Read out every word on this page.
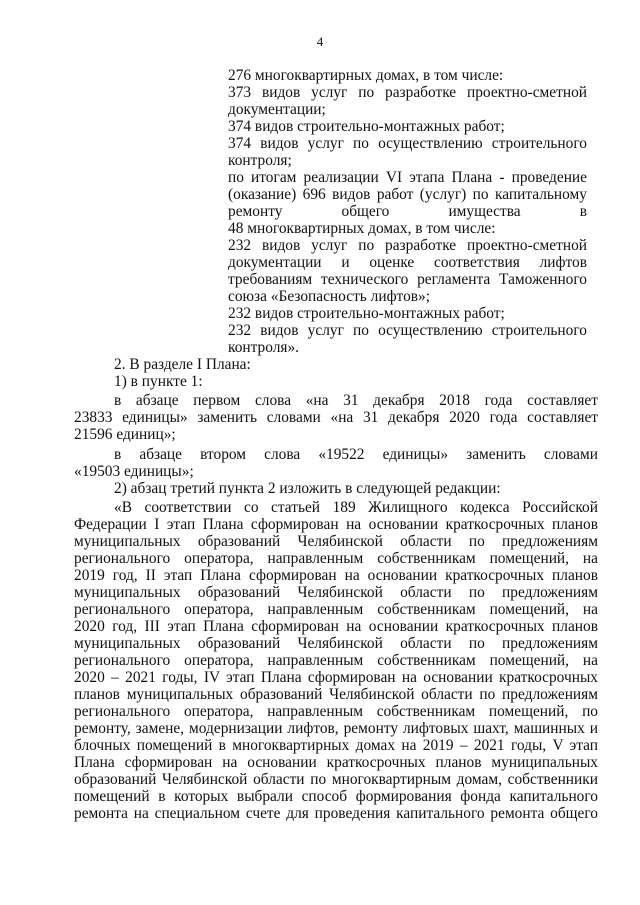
4
276 многоквартирных домах, в том числе:
373 видов услуг по разработке проектно-сметной
документации;
374 видов строительно-монтажных работ;
374 видов услуг по осуществлению строительного
контроля;
по итогам реализации VI этапа Плана - проведение
(оказание) 696 видов работ (услуг) по капитальному
ремонту общего имущества в
48 многоквартирных домах, в том числе:
232 видов услуг по разработке проектно-сметной
документации и оценке соответствия лифтов
требованиям технического регламента Таможенного
союза «Безопасность лифтов»;
232 видов строительно-монтажных работ;
232 видов услуг по осуществлению строительного
контроля».
2. В разделе I Плана:
1) в пункте 1:
в абзаце первом слова «на 31 декабря 2018 года составляет
23833 единицы» заменить словами «на 31 декабря 2020 года составляет
21596 единиц»;
в абзаце втором слова «19522 единицы» заменить словами
«19503 единицы»;
2) абзац третий пункта 2 изложить в следующей редакции:
«В соответствии со статьей 189 Жилищного кодекса Российской
Федерации I этап Плана сформирован на основании краткосрочных планов
муниципальных образований Челябинской области по предложениям
регионального оператора, направленным собственникам помещений, на
2019 год, II этап Плана сформирован на основании краткосрочных планов
муниципальных образований Челябинской области по предложениям
регионального оператора, направленным собственникам помещений, на
2020 год, III этап Плана сформирован на основании краткосрочных планов
муниципальных образований Челябинской области по предложениям
регионального оператора, направленным собственникам помещений, на
2020 – 2021 годы, IV этап Плана сформирован на основании краткосрочных
планов муниципальных образований Челябинской области по предложениям
регионального оператора, направленным собственникам помещений, по
ремонту, замене, модернизации лифтов, ремонту лифтовых шахт, машинных и
блочных помещений в многоквартирных домах на 2019 – 2021 годы, V этап
Плана сформирован на основании краткосрочных планов муниципальных
образований Челябинской области по многоквартирным домам, собственники
помещений в которых выбрали способ формирования фонда капитального
ремонта на специальном счете для проведения капитального ремонта общего
